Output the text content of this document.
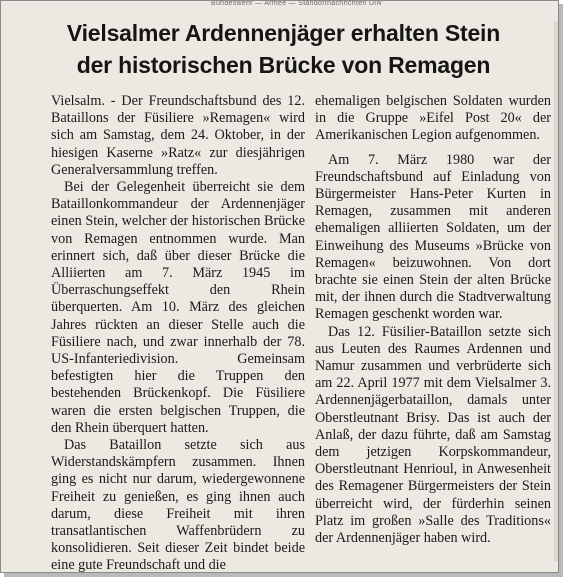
Bundeswehr — Armee — Standortnachrichten DIN
Vielsalmer Ardennenjäger erhalten Stein
der historischen Brücke von Remagen

Vielsalm. - Der Freundschaftsbund des 12. Bataillons der Füsiliere »Remagen« wird sich am Samstag, dem 24. Oktober, in der hiesigen Kaserne »Ratz« zur diesjährigen Generalversammlung treffen.

Bei der Gelegenheit überreicht sie dem Bataillonkommandeur der Ardennenjäger einen Stein, welcher der historischen Brücke von Remagen entnommen wurde. Man erinnert sich, daß über dieser Brücke die Alliierten am 7. März 1945 im Überraschungseffekt den Rhein überquerten. Am 10. März des gleichen Jahres rückten an dieser Stelle auch die Füsiliere nach, und zwar innerhalb der 78. US-Infanteriedivision. Gemeinsam befestigten hier die Truppen den bestehenden Brückenkopf. Die Füsiliere waren die ersten belgischen Truppen, die den Rhein überquert hatten.

Das Bataillon setzte sich aus Widerstandskämpfern zusammen. Ihnen ging es nicht nur darum, wiedergewonnene Freiheit zu genießen, es ging ihnen auch darum, diese Freiheit mit ihren transatlantischen Waffenbrüdern zu konsolidieren. Seit dieser Zeit bindet beide eine gute Freundschaft und die

ehemaligen belgischen Soldaten wurden in die Gruppe »Eifel Post 20« der Amerikanischen Legion aufgenommen.

Am 7. März 1980 war der Freundschaftsbund auf Einladung von Bürgermeister Hans-Peter Kurten in Remagen, zusammen mit anderen ehemaligen alliierten Soldaten, um der Einweihung des Museums »Brücke von Remagen« beizuwohnen. Von dort brachte sie einen Stein der alten Brücke mit, der ihnen durch die Stadtverwaltung Remagen geschenkt worden war.

Das 12. Füsilier-Bataillon setzte sich aus Leuten des Raumes Ardennen und Namur zusammen und verbrüderte sich am 22. April 1977 mit dem Vielsalmer 3. Ardennenjägerbataillon, damals unter Oberstleutnant Brisy. Das ist auch der Anlaß, der dazu führte, daß am Samstag dem jetzigen Korpskommandeur, Oberstleutnant Henrioul, in Anwesenheit des Remagener Bürgermeisters der Stein überreicht wird, der fürderhin seinen Platz im großen »Salle des Traditions« der Ardennenjäger haben wird.
